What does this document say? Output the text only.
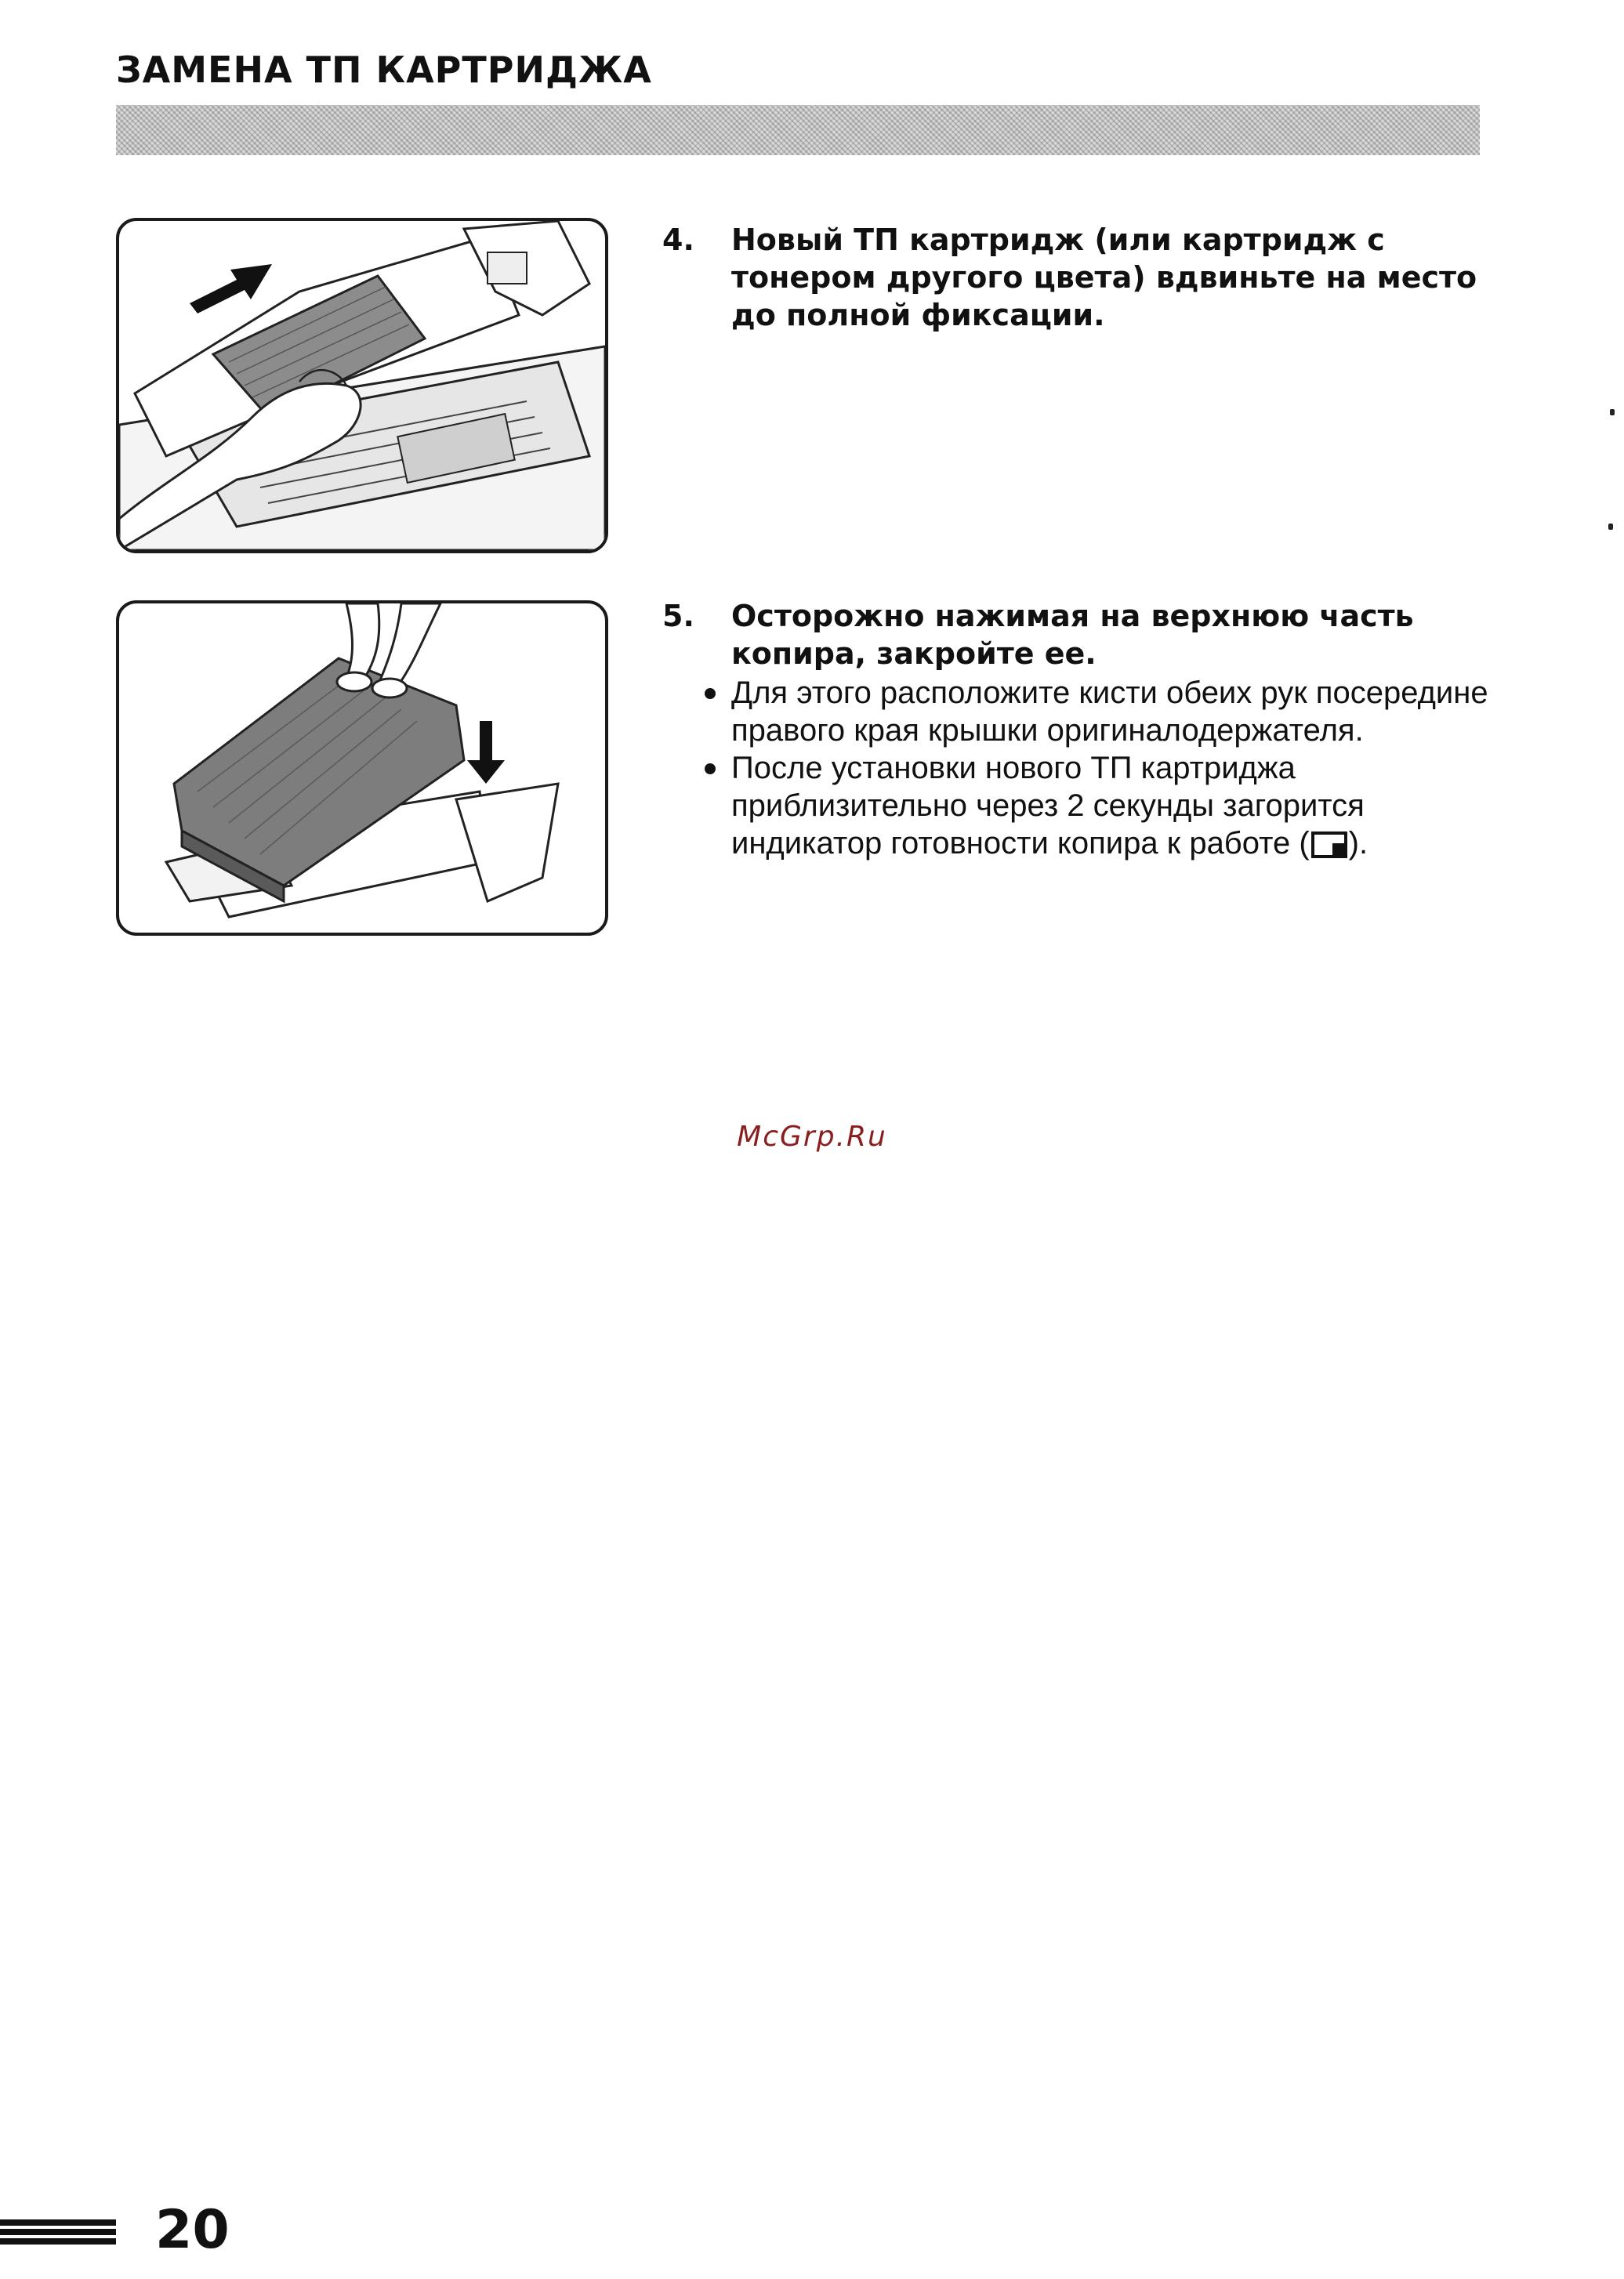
ЗАМЕНА ТП КАРТРИДЖА
4. Новый ТП картридж (или картридж с тонером другого цвета) вдвиньте на место до полной фиксации.

5. Осторожно нажимая на верхнюю часть копира, закройте ее.

Для этого расположите кисти обеих рук посередине правого края крышки оригиналодержателя.
После установки нового ТП картриджа приблизительно через 2 секунды загорится индикатор готовности копира к работе ( ).
McGrp.Ru
20
